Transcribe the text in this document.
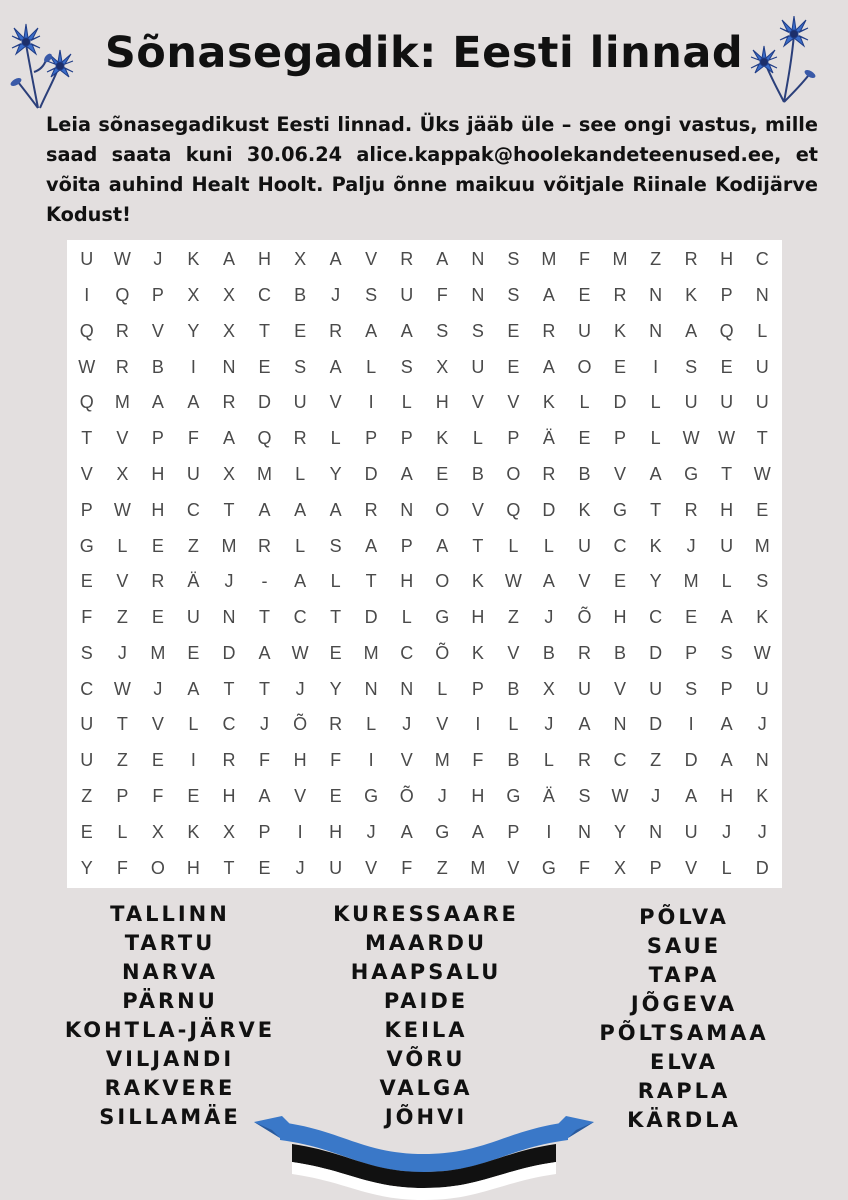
Sõnasegadik: Eesti linnad
Leia sõnasegadikust Eesti linnad. Üks jääb üle – see ongi vastus, mille saad saata kuni 30.06.24 alice.kappak@hoolekandeteenused.ee, et võita auhind Healt Hoolt. Palju õnne maikuu võitjale Riinale Kodijärve Kodust!
U	W	J	K	A	H	X	A	V	R	A	N	S	M	F	M	Z	R	H	C
I	Q	P	X	X	C	B	J	S	U	F	N	S	A	E	R	N	K	P	N
Q	R	V	Y	X	T	E	R	A	A	S	S	E	R	U	K	N	A	Q	L
W	R	B	I	N	E	S	A	L	S	X	U	E	A	O	E	I	S	E	U
Q	M	A	A	R	D	U	V	I	L	H	V	V	K	L	D	L	U	U	U
T	V	P	F	A	Q	R	L	P	P	K	L	P	Ä	E	P	L	W	W	T
V	X	H	U	X	M	L	Y	D	A	E	B	O	R	B	V	A	G	T	W
P	W	H	C	T	A	A	A	R	N	O	V	Q	D	K	G	T	R	H	E
G	L	E	Z	M	R	L	S	A	P	A	T	L	L	U	C	K	J	U	M
E	V	R	Ä	J	-	A	L	T	H	O	K	W	A	V	E	Y	M	L	S
F	Z	E	U	N	T	C	T	D	L	G	H	Z	J	Õ	H	C	E	A	K
S	J	M	E	D	A	W	E	M	C	Õ	K	V	B	R	B	D	P	S	W
C	W	J	A	T	T	J	Y	N	N	L	P	B	X	U	V	U	S	P	U
U	T	V	L	C	J	Õ	R	L	J	V	I	L	J	A	N	D	I	A	J
U	Z	E	I	R	F	H	F	I	V	M	F	B	L	R	C	Z	D	A	N
Z	P	F	E	H	A	V	E	G	Õ	J	H	G	Ä	S	W	J	A	H	K
E	L	X	K	X	P	I	H	J	A	G	A	P	I	N	Y	N	U	J	J
Y	F	O	H	T	E	J	U	V	F	Z	M	V	G	F	X	P	V	L	D
TALLINN
TARTU
NARVA
PÄRNU
KOHTLA-JÄRVE
VILJANDI
RAKVERE
SILLAMÄE
KURESSAARE
MAARDU
HAAPSALU
PAIDE
KEILA
VÕRU
VALGA
JÕHVI
PÕLVA
SAUE
TAPA
JÕGEVA
PÕLTSAMAA
ELVA
RAPLA
KÄRDLA
